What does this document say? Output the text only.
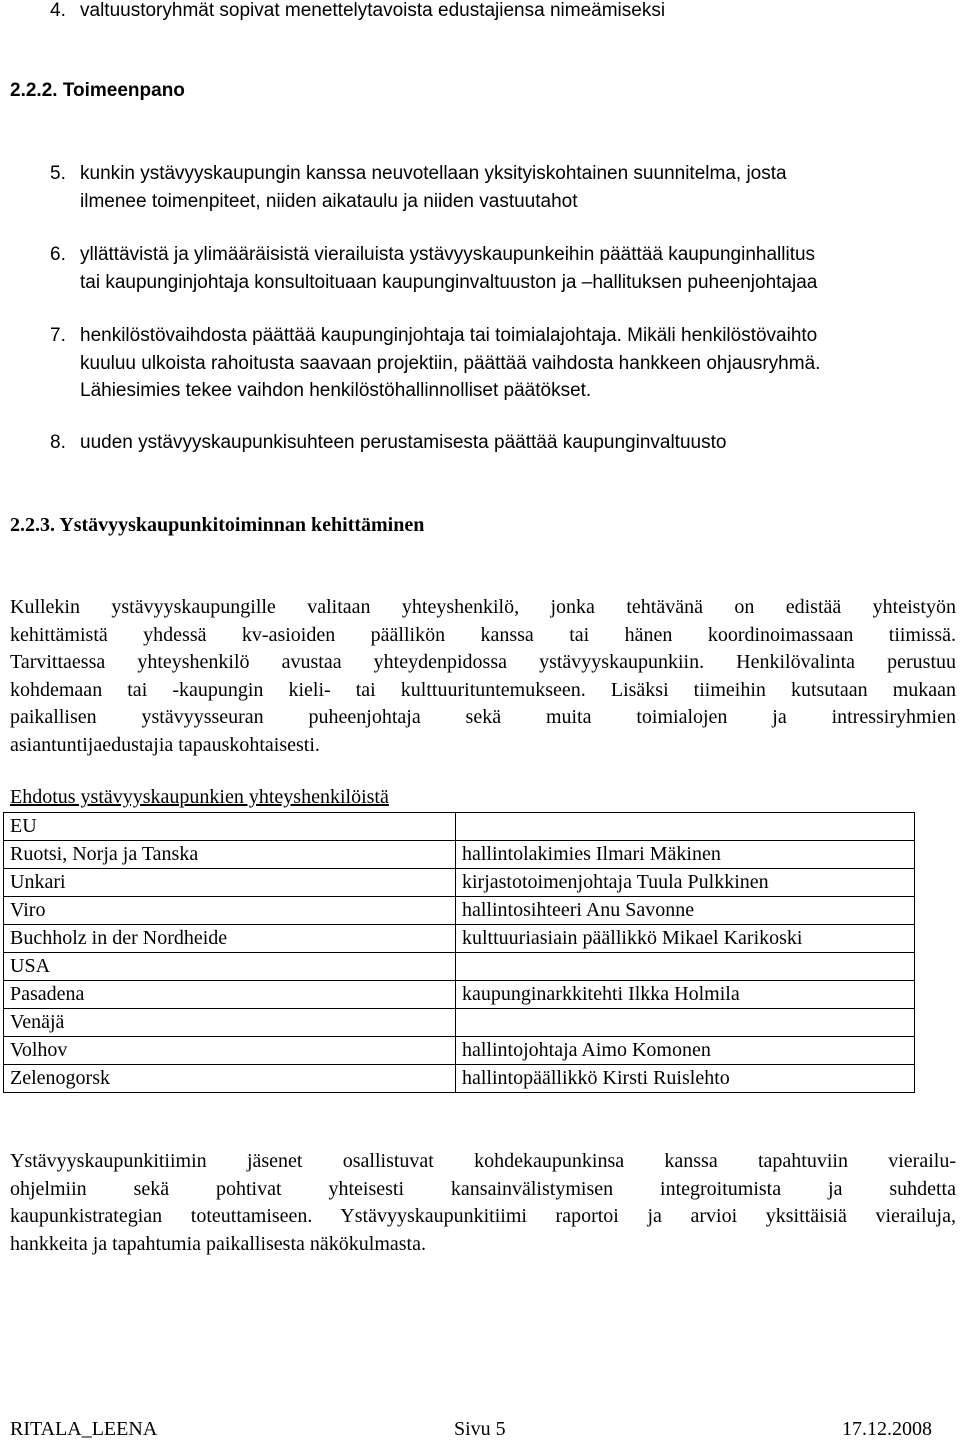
4. valtuustoryhmät sopivat menettelytavoista edustajiensa nimeämiseksi
2.2.2. Toimeenpano
5. kunkin ystävyyskaupungin kanssa neuvotellaan yksityiskohtainen suunnitelma, josta
ilmenee toimenpiteet, niiden aikataulu ja niiden vastuutahot
6. yllättävistä ja ylimääräisistä vierailuista ystävyyskaupunkeihin päättää kaupunginhallitus
tai kaupunginjohtaja konsultoituaan kaupunginvaltuuston ja –hallituksen puheenjohtajaa
7. henkilöstövaihdosta päättää kaupunginjohtaja tai toimialajohtaja. Mikäli henkilöstövaihto
kuuluu ulkoista rahoitusta saavaan projektiin, päättää vaihdosta hankkeen ohjausryhmä.
Lähiesimies tekee vaihdon henkilöstöhallinnolliset päätökset.
8. uuden ystävyyskaupunkisuhteen perustamisesta päättää kaupunginvaltuusto
2.2.3. Ystävyyskaupunkitoiminnan kehittäminen
Kullekin ystävyyskaupungille valitaan yhteyshenkilö, jonka tehtävänä on edistää yhteistyön
kehittämistä yhdessä kv-asioiden päällikön kanssa tai hänen koordinoimassaan tiimissä.
Tarvittaessa yhteyshenkilö avustaa yhteydenpidossa ystävyyskaupunkiin. Henkilövalinta perustuu
kohdemaan tai -kaupungin kieli- tai kulttuurituntemukseen. Lisäksi tiimeihin kutsutaan mukaan
paikallisen ystävyysseuran puheenjohtaja sekä muita toimialojen ja intressiryhmien
asiantuntijaedustajia tapauskohtaisesti.
Ehdotus ystävyyskaupunkien yhteyshenkilöistä
EU	
Ruotsi, Norja ja Tanska	hallintolakimies Ilmari Mäkinen
Unkari	kirjastotoimenjohtaja Tuula Pulkkinen
Viro	hallintosihteeri Anu Savonne
Buchholz in der Nordheide	kulttuuriasiain päällikkö Mikael Karikoski
USA	
Pasadena	kaupunginarkkitehti Ilkka Holmila
Venäjä	
Volhov	hallintojohtaja Aimo Komonen
Zelenogorsk	hallintopäällikkö Kirsti Ruislehto
Ystävyyskaupunkitiimin jäsenet osallistuvat kohdekaupunkinsa kanssa tapahtuviin vierailu-
ohjelmiin sekä pohtivat yhteisesti kansainvälistymisen integroitumista ja suhdetta
kaupunkistrategian toteuttamiseen. Ystävyyskaupunkitiimi raportoi ja arvioi yksittäisiä vierailuja,
hankkeita ja tapahtumia paikallisesta näkökulmasta.
RITALA_LEENA	Sivu 5	17.12.2008
